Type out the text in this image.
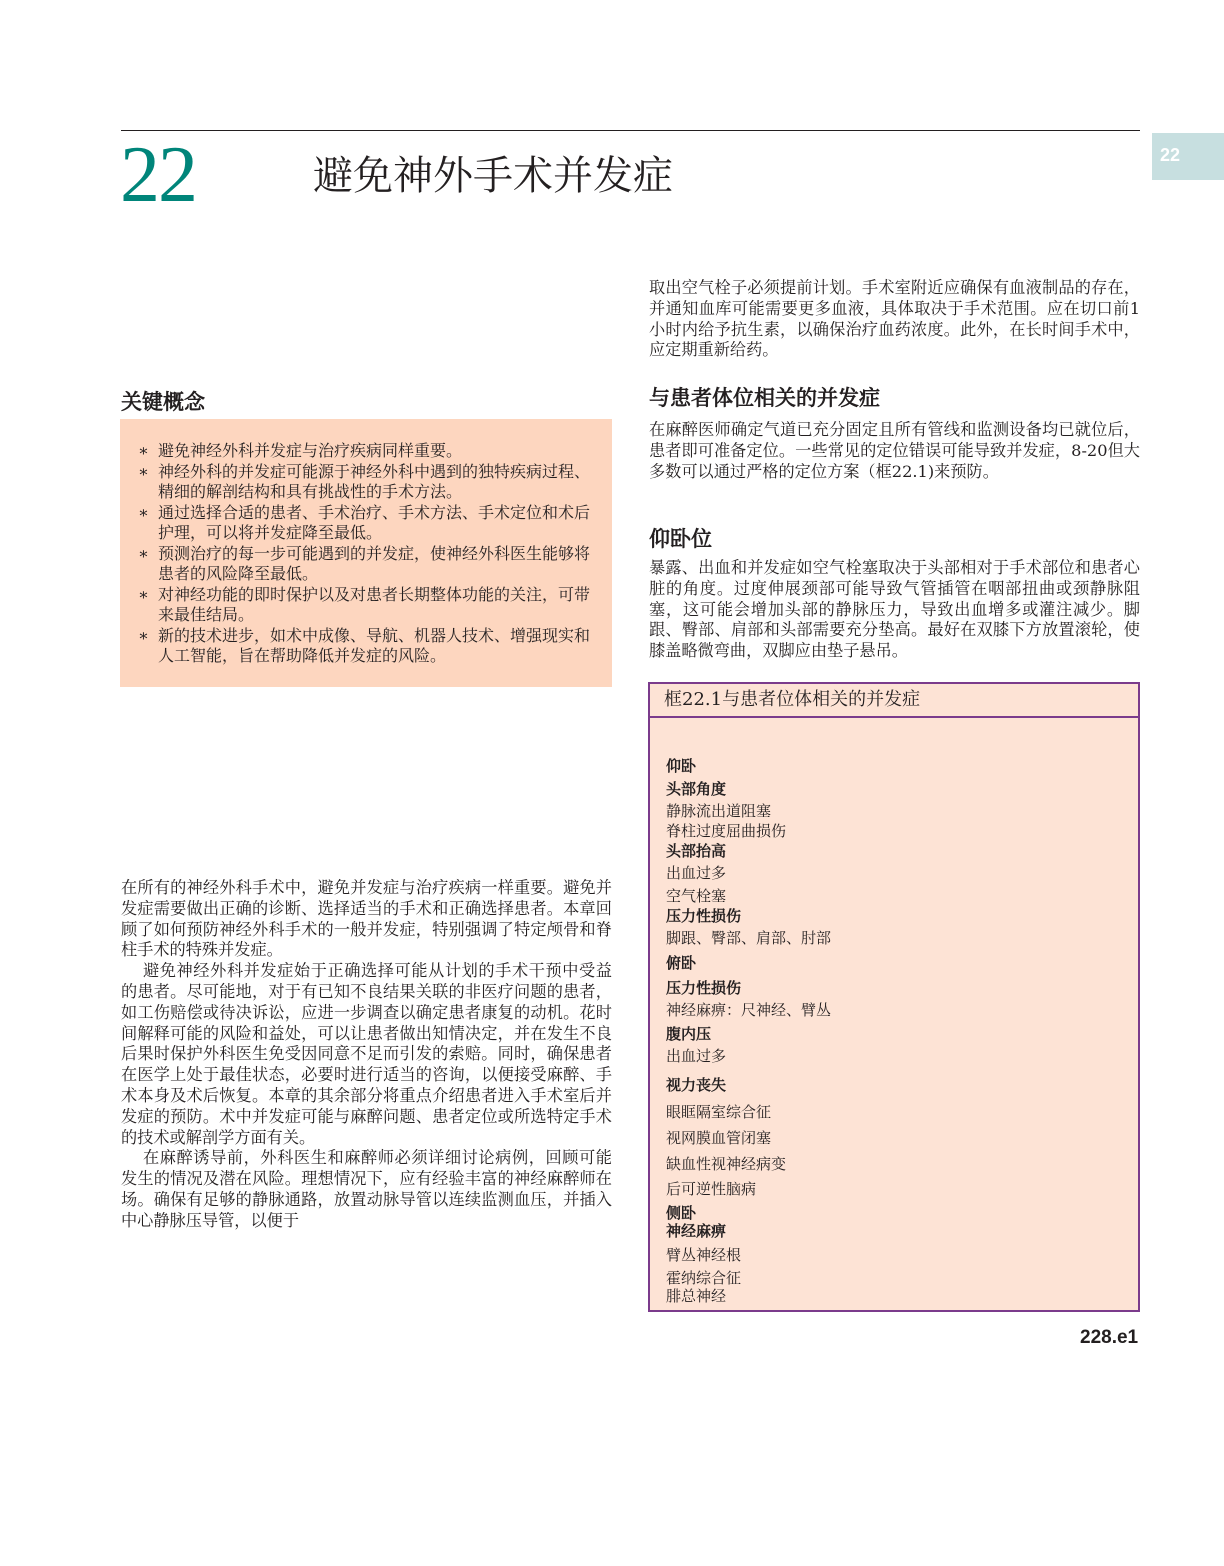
22	避免神外手术并发症	22
关键概念
∗ 避免神经外科并发症与治疗疾病同样重要。
∗ 神经外科的并发症可能源于神经外科中遇到的独特疾病过程、精细的解剖结构和具有挑战性的手术方法。
∗ 通过选择合适的患者、手术治疗、手术方法、手术定位和术后护理，可以将并发症降至最低。
∗ 预测治疗的每一步可能遇到的并发症，使神经外科医生能够将患者的风险降至最低。
∗ 对神经功能的即时保护以及对患者长期整体功能的关注，可带来最佳结局。
∗ 新的技术进步，如术中成像、导航、机器人技术、增强现实和人工智能，旨在帮助降低并发症的风险。

在所有的神经外科手术中，避免并发症与治疗疾病一样重要。避免并发症需要做出正确的诊断、选择适当的手术和正确选择患者。本章回顾了如何预防神经外科手术的一般并发症，特别强调了特定颅骨和脊柱手术的特殊并发症。

避免神经外科并发症始于正确选择可能从计划的手术干预中受益的患者。尽可能地，对于有已知不良结果关联的非医疗问题的患者，如工伤赔偿或待决诉讼，应进一步调查以确定患者康复的动机。花时间解释可能的风险和益处，可以让患者做出知情决定，并在发生不良后果时保护外科医生免受因同意不足而引发的索赔。同时，确保患者在医学上处于最佳状态，必要时进行适当的咨询，以便接受麻醉、手术本身及术后恢复。本章的其余部分将重点介绍患者进入手术室后并发症的预防。术中并发症可能与麻醉问题、患者定位或所选特定手术的技术或解剖学方面有关。

在麻醉诱导前，外科医生和麻醉师必须详细讨论病例，回顾可能发生的情况及潜在风险。理想情况下，应有经验丰富的神经麻醉师在场。确保有足够的静脉通路，放置动脉导管以连续监测血压，并插入中心静脉压导管，以便于

取出空气栓子必须提前计划。手术室附近应确保有血液制品的存在，并通知血库可能需要更多血液，具体取决于手术范围。应在切口前1小时内给予抗生素，以确保治疗血药浓度。此外，在长时间手术中，应定期重新给药。

与患者体位相关的并发症

在麻醉医师确定气道已充分固定且所有管线和监测设备均已就位后，患者即可准备定位。一些常见的定位错误可能导致并发症，8-20但大多数可以通过严格的定位方案（框22.1)来预防。

仰卧位

暴露、出血和并发症如空气栓塞取决于头部相对于手术部位和患者心脏的角度。过度伸展颈部可能导致气管插管在咽部扭曲或颈静脉阻塞，这可能会增加头部的静脉压力，导致出血增多或灌注减少。脚跟、臀部、肩部和头部需要充分垫高。最好在双膝下方放置滚轮，使膝盖略微弯曲，双脚应由垫子悬吊。

框22.1与患者位体相关的并发症
仰卧
头部角度
静脉流出道阻塞
脊柱过度屈曲损伤
头部抬高
出血过多
空气栓塞
压力性损伤
脚跟、臀部、肩部、肘部
俯卧
压力性损伤
神经麻痹：尺神经、臂丛
腹内压
出血过多
视力丧失
眼眶隔室综合征
视网膜血管闭塞
缺血性视神经病变
后可逆性脑病
侧卧
神经麻痹
臂丛神经根
霍纳综合征
腓总神经
228.e1
